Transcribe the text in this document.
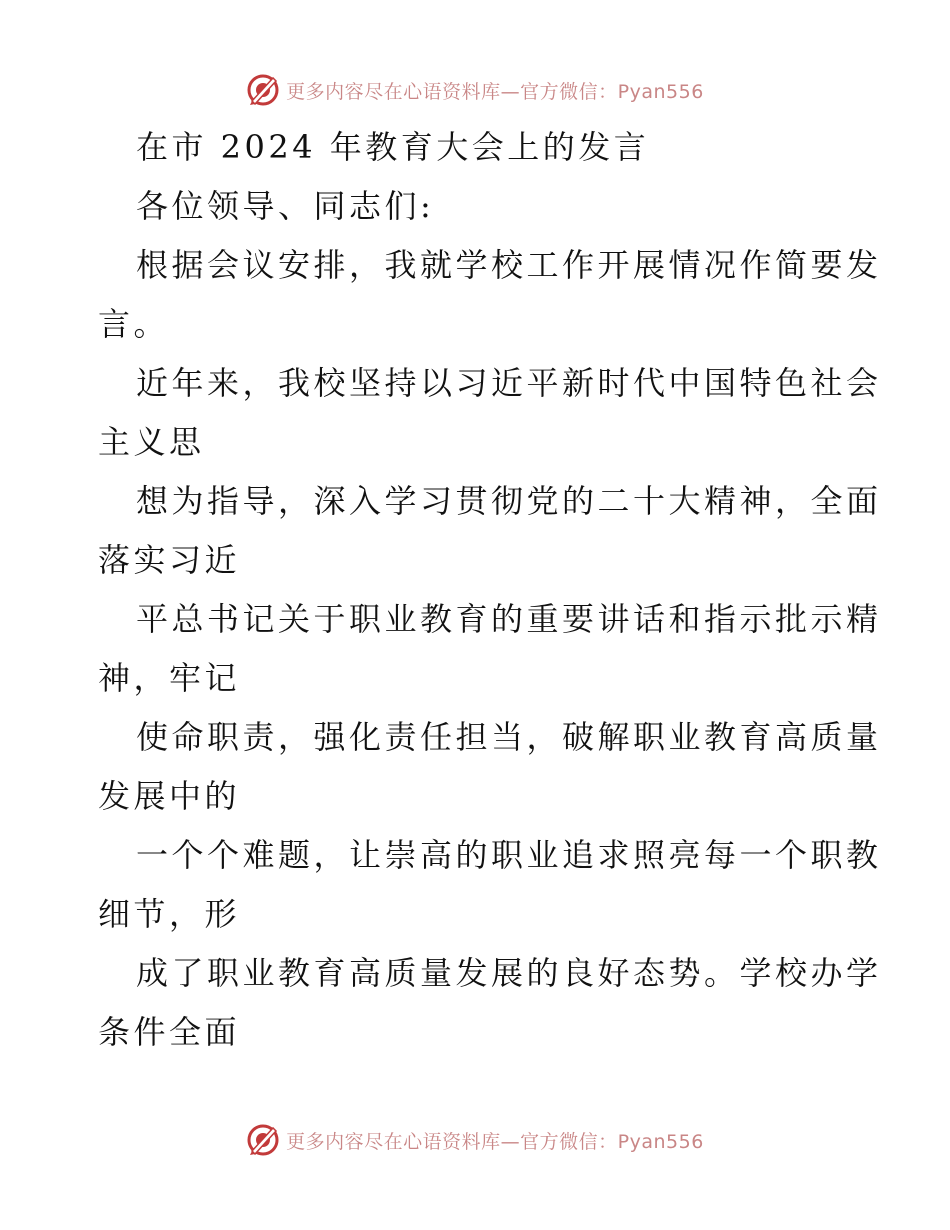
更多内容尽在心语资料库—官方微信：Pyan556
在市 2024 年教育大会上的发言
各位领导、同志们:
根据会议安排，我就学校工作开展情况作简要发
言。
近年来，我校坚持以习近平新时代中国特色社会
主义思
想为指导，深入学习贯彻党的二十大精神，全面
落实习近
平总书记关于职业教育的重要讲话和指示批示精
神，牢记
使命职责，强化责任担当，破解职业教育高质量
发展中的
一个个难题，让崇高的职业追求照亮每一个职教
细节，形
成了职业教育高质量发展的良好态势。学校办学
条件全面
更多内容尽在心语资料库—官方微信：Pyan556
